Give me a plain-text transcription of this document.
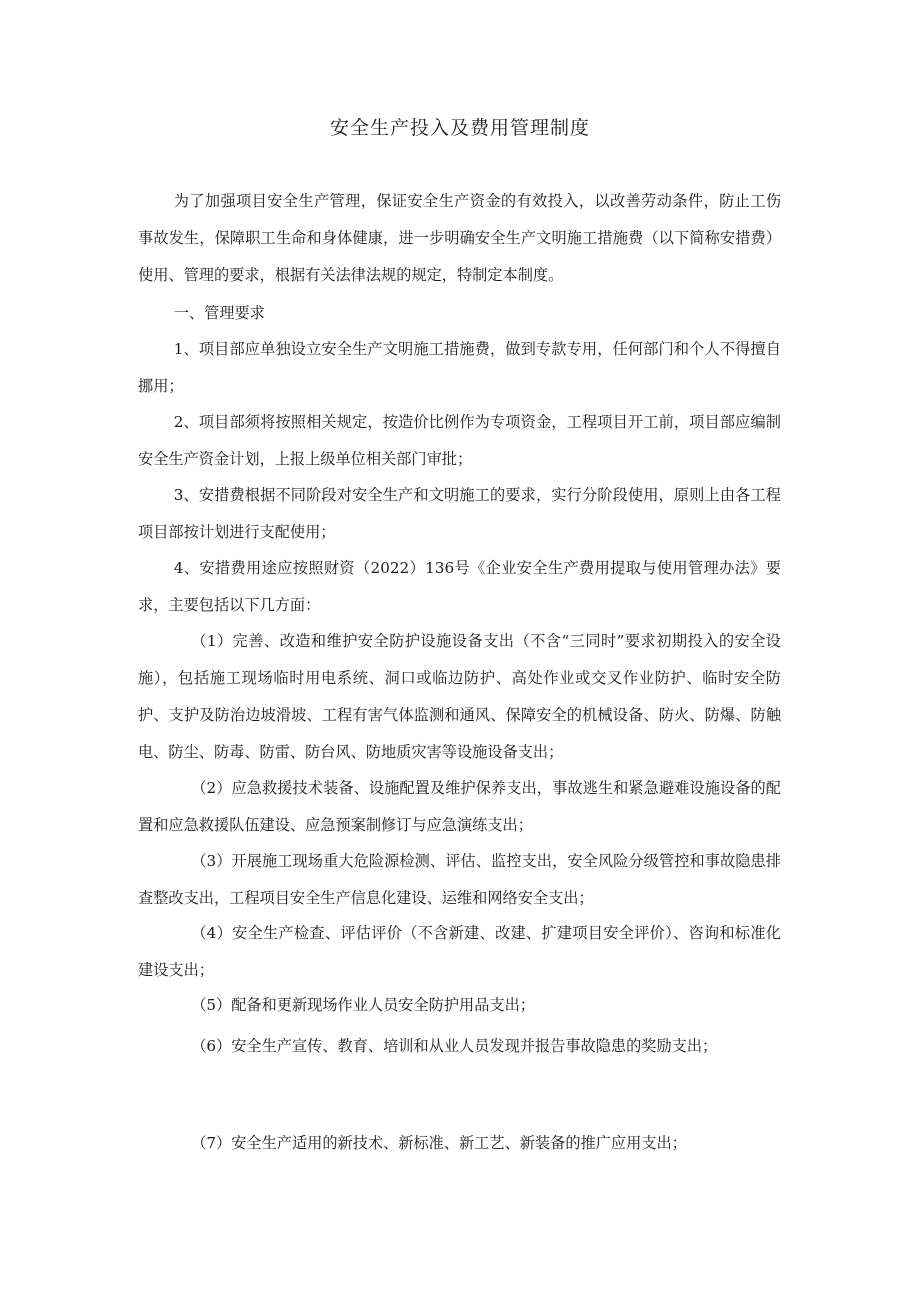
安全生产投入及费用管理制度

为了加强项目安全生产管理，保证安全生产资金的有效投入，以改善劳动条件，防止工伤事故发生，保障职工生命和身体健康，进一步明确安全生产文明施工措施费（以下简称安措费）使用、管理的要求，根据有关法律法规的规定，特制定本制度。

一、管理要求

1、项目部应单独设立安全生产文明施工措施费，做到专款专用，任何部门和个人不得擅自挪用；

2、项目部须将按照相关规定，按造价比例作为专项资金，工程项目开工前，项目部应编制安全生产资金计划，上报上级单位相关部门审批；

3、安措费根据不同阶段对安全生产和文明施工的要求，实行分阶段使用，原则上由各工程项目部按计划进行支配使用；

4、安措费用途应按照财资（2022）136号《企业安全生产费用提取与使用管理办法》要求，主要包括以下几方面：

（1）完善、改造和维护安全防护设施设备支出（不含“三同时”要求初期投入的安全设施），包括施工现场临时用电系统、洞口或临边防护、高处作业或交叉作业防护、临时安全防护、支护及防治边坡滑坡、工程有害气体监测和通风、保障安全的机械设备、防火、防爆、防触电、防尘、防毒、防雷、防台风、防地质灾害等设施设备支出；

（2）应急救援技术装备、设施配置及维护保养支出，事故逃生和紧急避难设施设备的配置和应急救援队伍建设、应急预案制修订与应急演练支出；

（3）开展施工现场重大危险源检测、评估、监控支出，安全风险分级管控和事故隐患排查整改支出，工程项目安全生产信息化建设、运维和网络安全支出；

（4）安全生产检查、评估评价（不含新建、改建、扩建项目安全评价）、咨询和标准化建设支出；

（5）配备和更新现场作业人员安全防护用品支出；

（6）安全生产宣传、教育、培训和从业人员发现并报告事故隐患的奖励支出；

（7）安全生产适用的新技术、新标准、新工艺、新装备的推广应用支出；
